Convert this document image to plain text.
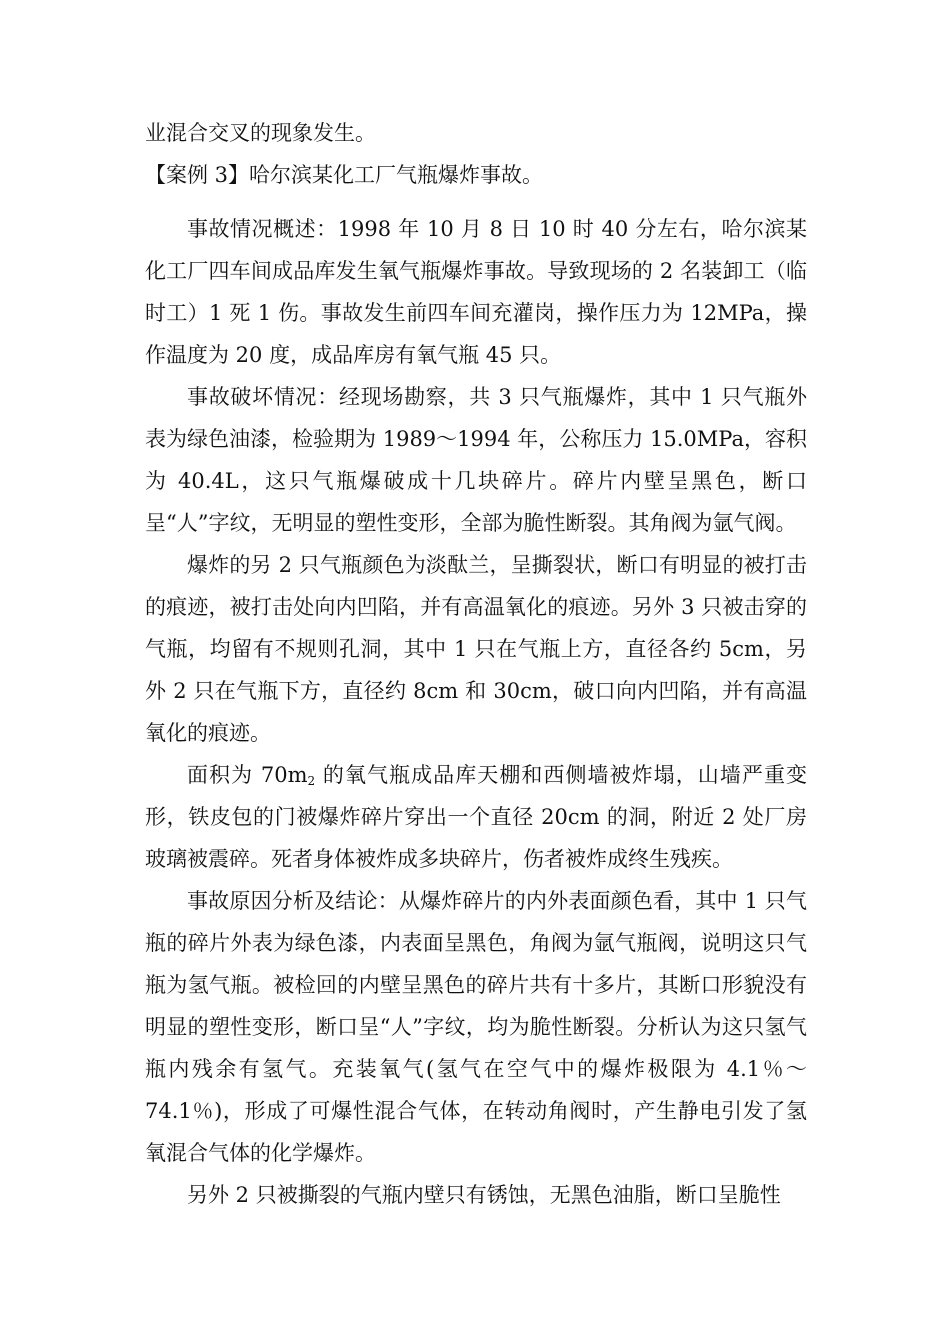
业混合交叉的现象发生。

【案例 3】哈尔滨某化工厂气瓶爆炸事故。

事故情况概述：1998 年 10 月 8 日 10 时 40 分左右，哈尔滨某化工厂四车间成品库发生氧气瓶爆炸事故。导致现场的 2 名装卸工（临时工）1 死 1 伤。事故发生前四车间充灌岗，操作压力为 12MPa，操作温度为 20 度，成品库房有氧气瓶 45 只。

事故破坏情况：经现场勘察，共 3 只气瓶爆炸，其中 1 只气瓶外表为绿色油漆，检验期为 1989～1994 年，公称压力 15.0MPa，容积为 40.4L，这只气瓶爆破成十几块碎片。碎片内壁呈黑色，断口呈“人”字纹，无明显的塑性变形，全部为脆性断裂。其角阀为氩气阀。

爆炸的另 2 只气瓶颜色为淡酞兰，呈撕裂状，断口有明显的被打击的痕迹，被打击处向内凹陷，并有高温氧化的痕迹。另外 3 只被击穿的气瓶，均留有不规则孔洞，其中 1 只在气瓶上方，直径各约 5cm，另外 2 只在气瓶下方，直径约 8cm 和 30cm，破口向内凹陷，并有高温氧化的痕迹。

面积为 $70m^2$ 的氧气瓶成品库天棚和西侧墙被炸塌，山墙严重变形，铁皮包的门被爆炸碎片穿出一个直径 20cm 的洞，附近 2 处厂房玻璃被震碎。死者身体被炸成多块碎片，伤者被炸成终生残疾。

事故原因分析及结论：从爆炸碎片的内外表面颜色看，其中 1 只气瓶的碎片外表为绿色漆，内表面呈黑色，角阀为氩气瓶阀，说明这只气瓶为氢气瓶。被检回的内壁呈黑色的碎片共有十多片，其断口形貌没有明显的塑性变形，断口呈“人”字纹，均为脆性断裂。分析认为这只氢气瓶内残余有氢气。充装氧气(氢气在空气中的爆炸极限为 4.1％～74.1％)，形成了可爆性混合气体，在转动角阀时，产生静电引发了氢氧混合气体的化学爆炸。

另外 2 只被撕裂的气瓶内壁只有锈蚀，无黑色油脂，断口呈脆性
